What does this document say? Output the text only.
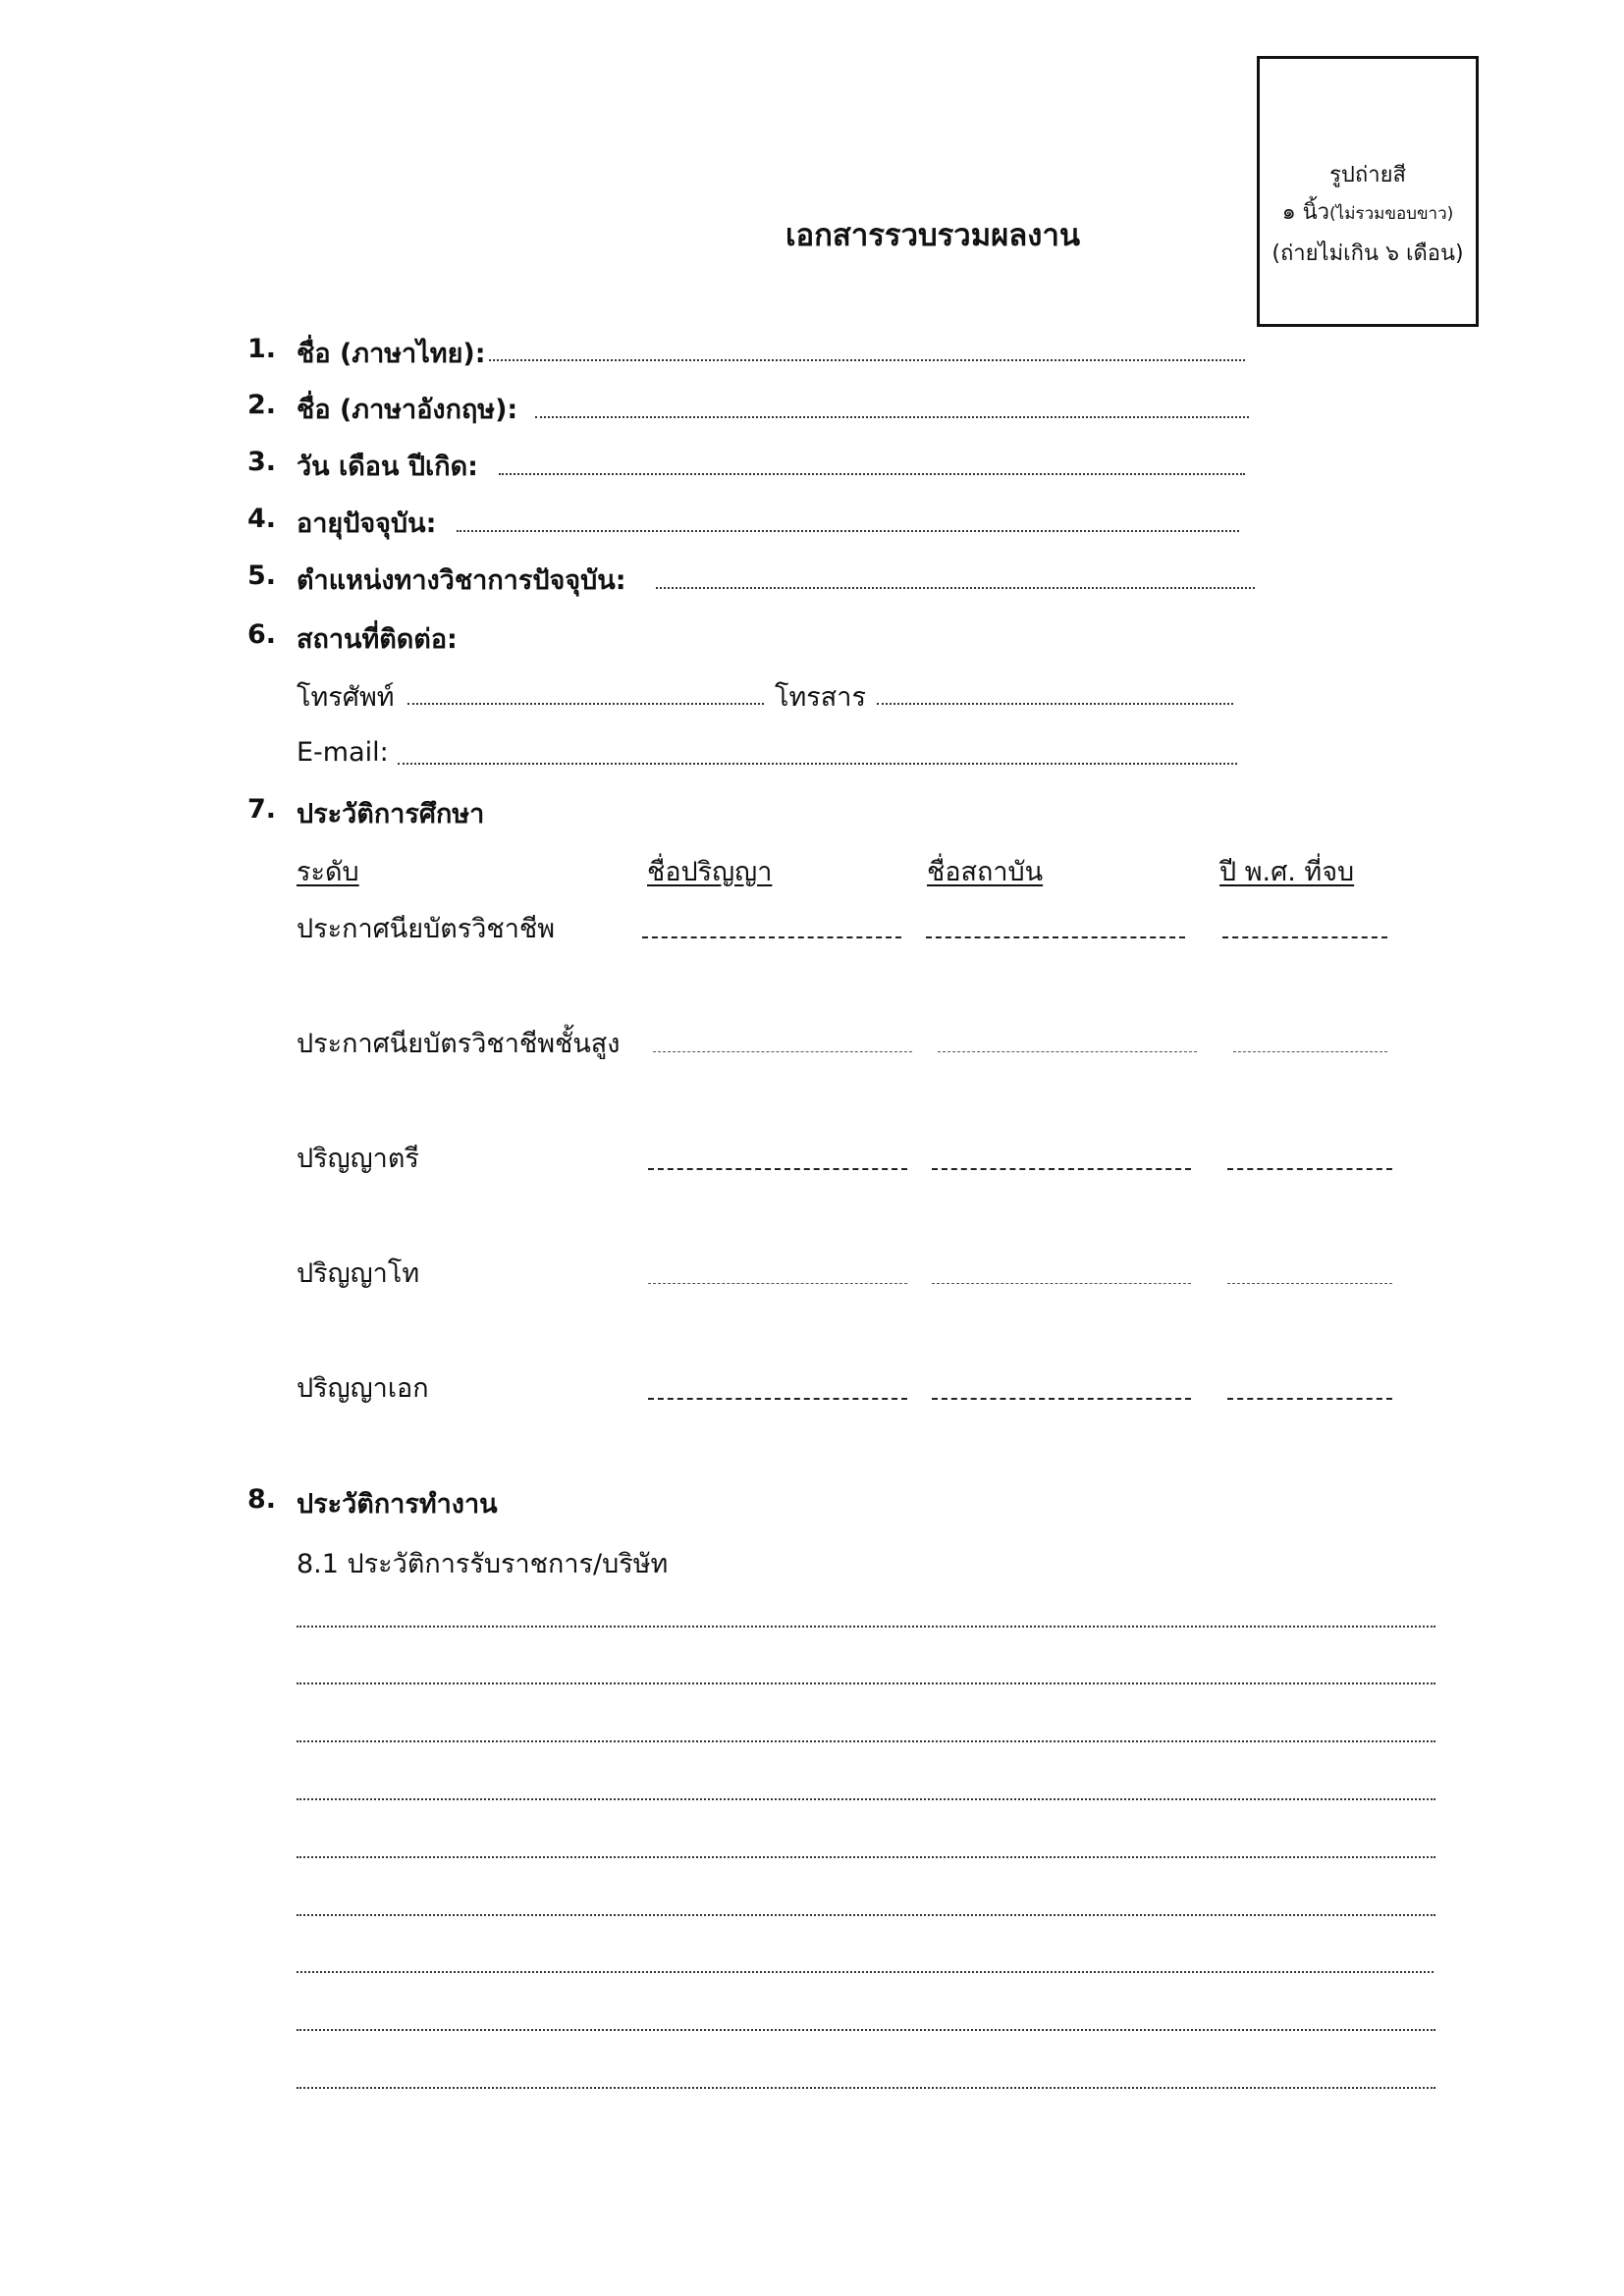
รูปถ่ายสี
๑ นิ้ว(ไม่รวมขอบขาว)
(ถ่ายไม่เกิน ๖ เดือน)
เอกสารรวบรวมผลงาน
1. ชื่อ (ภาษาไทย):
2. ชื่อ (ภาษาอังกฤษ):
3. วัน เดือน ปีเกิด:
4. อายุปัจจุบัน:
5. ตำแหน่งทางวิชาการปัจจุบัน:
6. สถานที่ติดต่อ:
โทรศัพท์	โทรสาร
E-mail:
7. ประวัติการศึกษา
ระดับ	ชื่อปริญญา	ชื่อสถาบัน	ปี พ.ศ. ที่จบ
ประกาศนียบัตรวิชาชีพ
ประกาศนียบัตรวิชาชีพชั้นสูง
ปริญญาตรี
ปริญญาโท
ปริญญาเอก
8. ประวัติการทำงาน
8.1 ประวัติการรับราชการ/บริษัท
